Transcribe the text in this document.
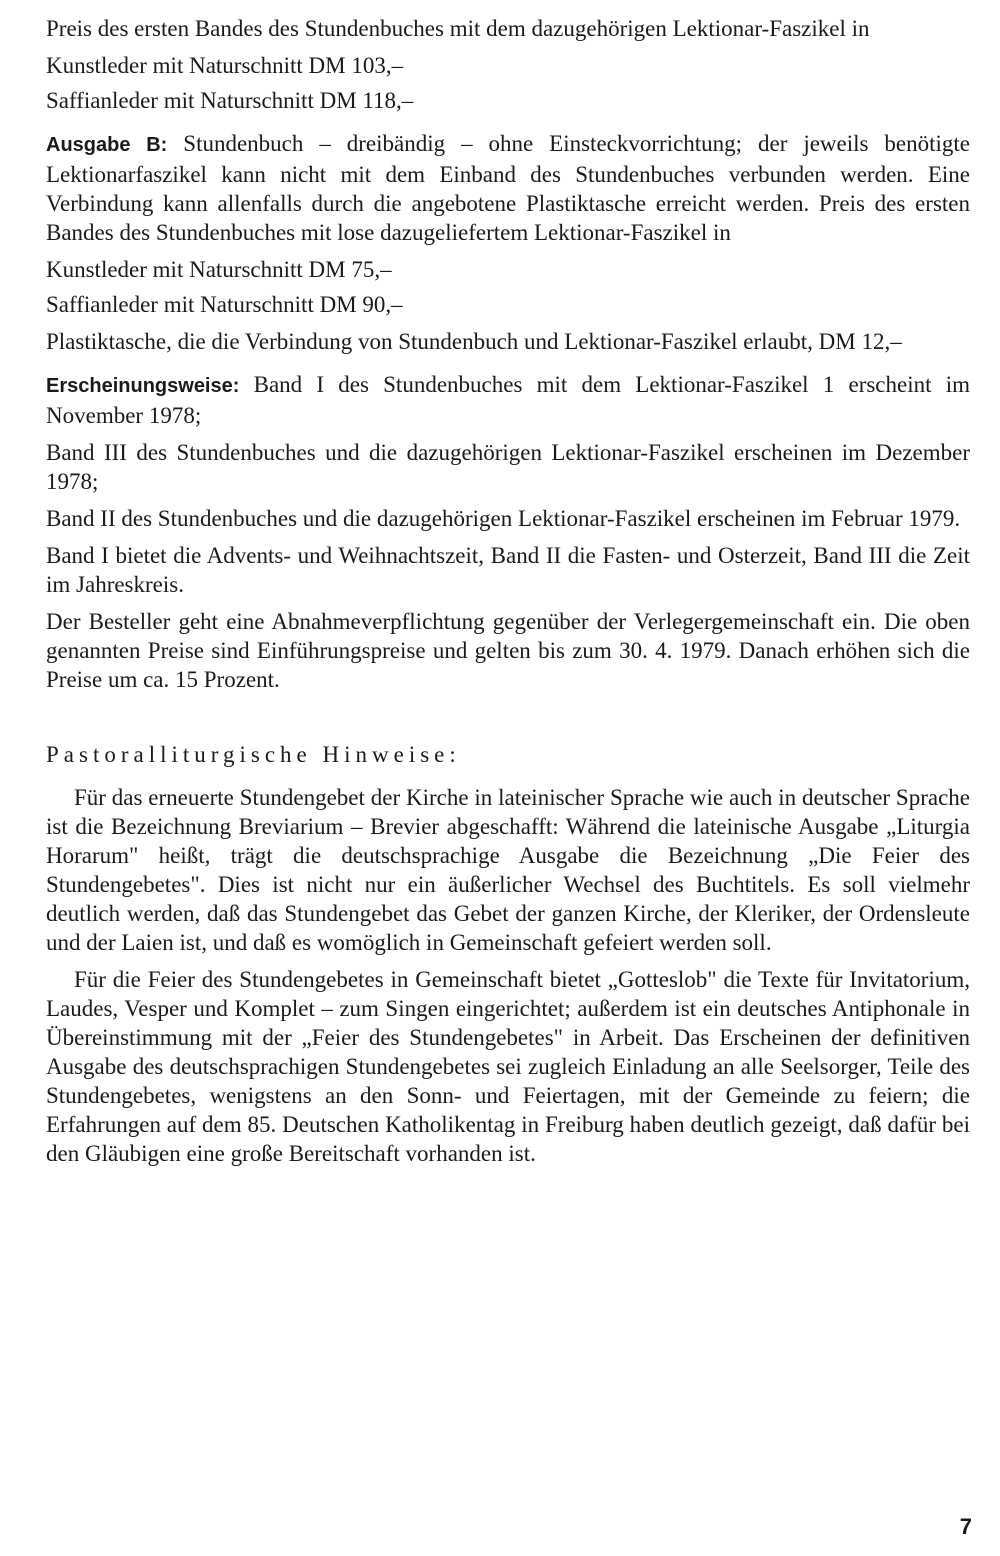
Preis des ersten Bandes des Stundenbuches mit dem dazugehörigen Lektionar-Faszikel in

Kunstleder mit Naturschnitt DM 103,–

Saffianleder mit Naturschnitt DM 118,–

Ausgabe B: Stundenbuch – dreibändig – ohne Einsteckvorrichtung; der jeweils benötigte Lektionarfaszikel kann nicht mit dem Einband des Stundenbuches verbunden werden. Eine Verbindung kann allenfalls durch die angebotene Plastiktasche erreicht werden. Preis des ersten Bandes des Stundenbuches mit lose dazugeliefertem Lektionar-Faszikel in

Kunstleder mit Naturschnitt DM 75,–

Saffianleder mit Naturschnitt DM 90,–

Plastiktasche, die die Verbindung von Stundenbuch und Lektionar-Faszikel erlaubt, DM 12,–

Erscheinungsweise: Band I des Stundenbuches mit dem Lektionar-Faszikel 1 erscheint im November 1978;

Band III des Stundenbuches und die dazugehörigen Lektionar-Faszikel erscheinen im Dezember 1978;

Band II des Stundenbuches und die dazugehörigen Lektionar-Faszikel erscheinen im Februar 1979.

Band I bietet die Advents- und Weihnachtszeit, Band II die Fasten- und Osterzeit, Band III die Zeit im Jahreskreis.

Der Besteller geht eine Abnahmeverpflichtung gegenüber der Verlegergemeinschaft ein. Die oben genannten Preise sind Einführungspreise und gelten bis zum 30. 4. 1979. Danach erhöhen sich die Preise um ca. 15 Prozent.

Pastoralliturgische Hinweise:

Für das erneuerte Stundengebet der Kirche in lateinischer Sprache wie auch in deutscher Sprache ist die Bezeichnung Breviarium – Brevier abgeschafft: Während die lateinische Ausgabe „Liturgia Horarum" heißt, trägt die deutschsprachige Ausgabe die Bezeichnung „Die Feier des Stundengebetes". Dies ist nicht nur ein äußerlicher Wechsel des Buchtitels. Es soll vielmehr deutlich werden, daß das Stundengebet das Gebet der ganzen Kirche, der Kleriker, der Ordensleute und der Laien ist, und daß es womöglich in Gemeinschaft gefeiert werden soll.

Für die Feier des Stundengebetes in Gemeinschaft bietet „Gotteslob" die Texte für Invitatorium, Laudes, Vesper und Komplet – zum Singen eingerichtet; außerdem ist ein deutsches Antiphonale in Übereinstimmung mit der „Feier des Stundengebetes" in Arbeit. Das Erscheinen der definitiven Ausgabe des deutschsprachigen Stundengebetes sei zugleich Einladung an alle Seelsorger, Teile des Stundengebetes, wenigstens an den Sonn- und Feiertagen, mit der Gemeinde zu feiern; die Erfahrungen auf dem 85. Deutschen Katholikentag in Freiburg haben deutlich gezeigt, daß dafür bei den Gläubigen eine große Bereitschaft vorhanden ist.

7
